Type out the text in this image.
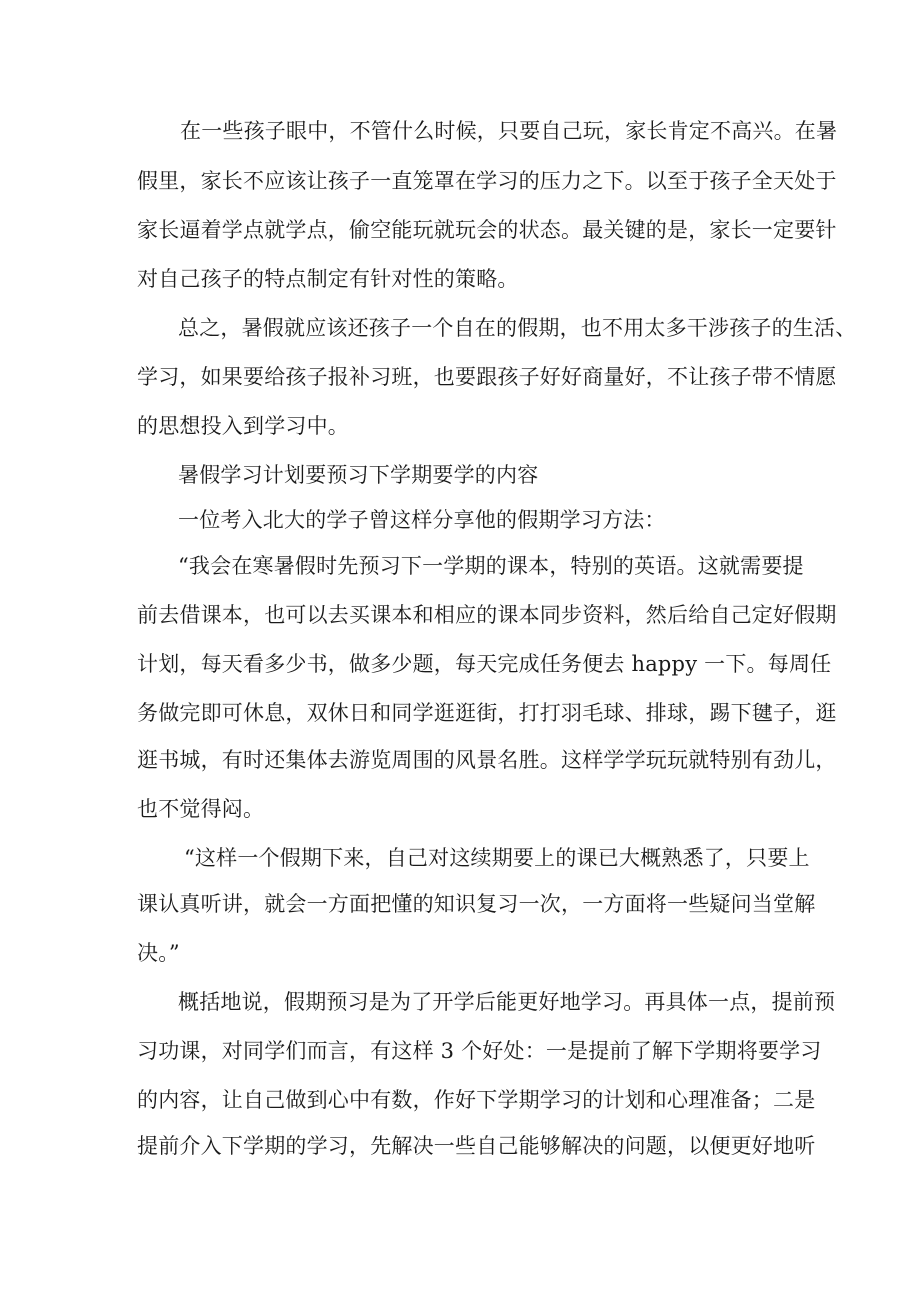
在一些孩子眼中，不管什么时候，只要自己玩，家长肯定不高兴。在暑
假里，家长不应该让孩子一直笼罩在学习的压力之下。以至于孩子全天处于
家长逼着学点就学点，偷空能玩就玩会的状态。最关键的是，家长一定要针
对自己孩子的特点制定有针对性的策略。
总之，暑假就应该还孩子一个自在的假期，也不用太多干涉孩子的生活、
学习，如果要给孩子报补习班，也要跟孩子好好商量好，不让孩子带不情愿
的思想投入到学习中。
暑假学习计划要预习下学期要学的内容
一位考入北大的学子曾这样分享他的假期学习方法：
“我会在寒暑假时先预习下一学期的课本，特别的英语。这就需要提
前去借课本，也可以去买课本和相应的课本同步资料，然后给自己定好假期
计划，每天看多少书，做多少题，每天完成任务便去 happy 一下。每周任
务做完即可休息，双休日和同学逛逛街，打打羽毛球、排球，踢下毽子，逛
逛书城，有时还集体去游览周围的风景名胜。这样学学玩玩就特别有劲儿，
也不觉得闷。
“这样一个假期下来，自己对这续期要上的课已大概熟悉了，只要上
课认真听讲，就会一方面把懂的知识复习一次，一方面将一些疑问当堂解
决。”
概括地说，假期预习是为了开学后能更好地学习。再具体一点，提前预
习功课，对同学们而言，有这样 3 个好处：一是提前了解下学期将要学习
的内容，让自己做到心中有数，作好下学期学习的计划和心理准备；二是
提前介入下学期的学习，先解决一些自己能够解决的问题，以便更好地听
